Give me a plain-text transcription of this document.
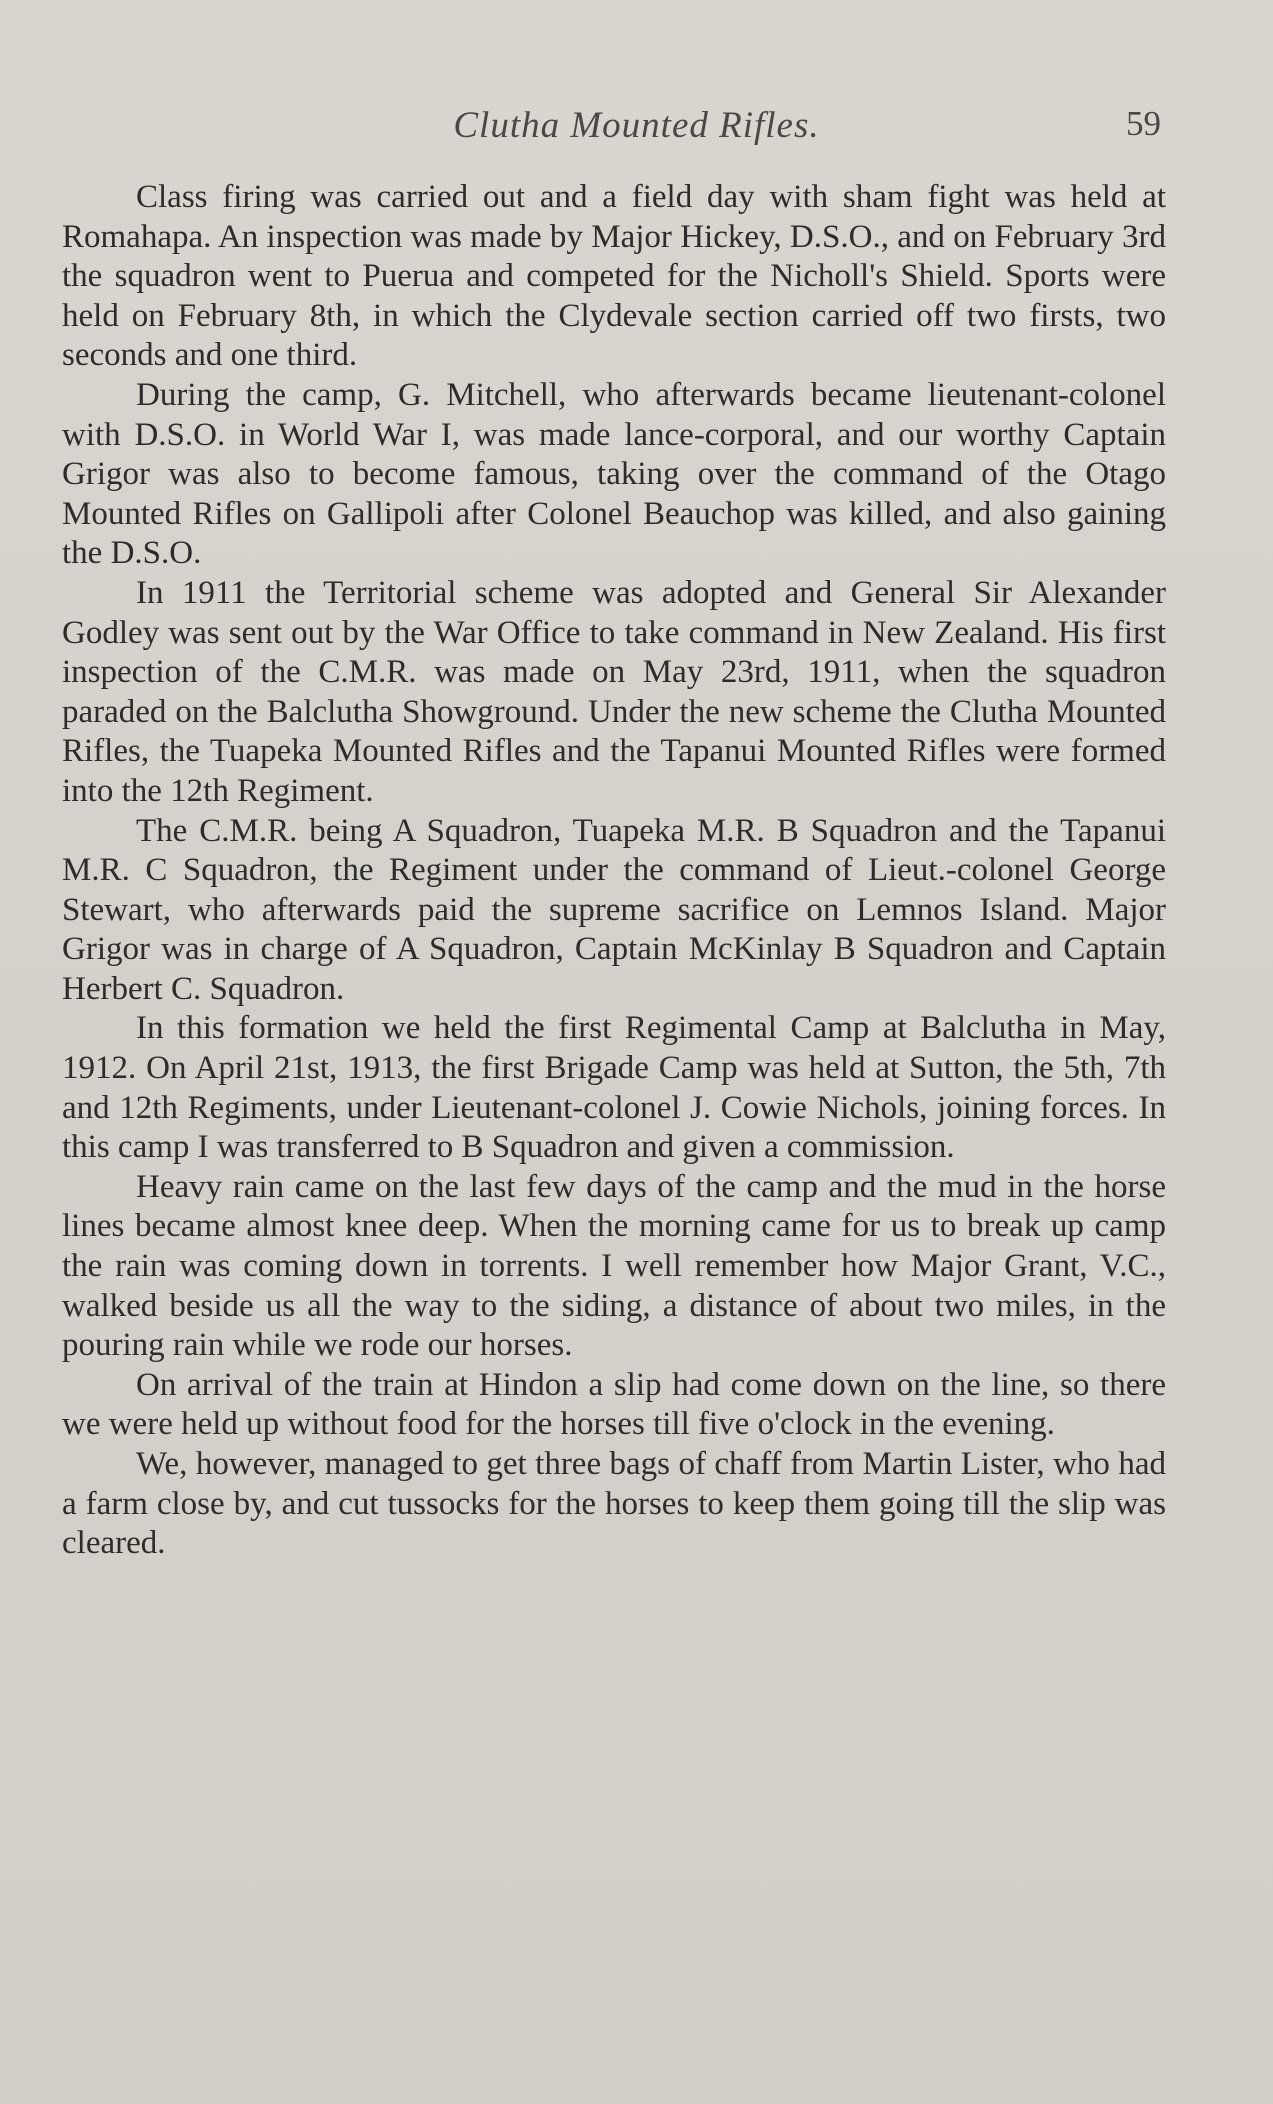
Clutha Mounted Rifles.	59

Class firing was carried out and a field day with sham fight was held at Romahapa. An inspection was made by Major Hickey, D.S.O., and on February 3rd the squadron went to Puerua and competed for the Nicholl's Shield. Sports were held on February 8th, in which the Clydevale section carried off two firsts, two seconds and one third.

During the camp, G. Mitchell, who afterwards became lieutenant-colonel with D.S.O. in World War I, was made lance-corporal, and our worthy Captain Grigor was also to become famous, taking over the command of the Otago Mounted Rifles on Gallipoli after Colonel Beauchop was killed, and also gaining the D.S.O.

In 1911 the Territorial scheme was adopted and General Sir Alexander Godley was sent out by the War Office to take command in New Zealand. His first inspection of the C.M.R. was made on May 23rd, 1911, when the squadron paraded on the Balclutha Showground. Under the new scheme the Clutha Mounted Rifles, the Tuapeka Mounted Rifles and the Tapanui Mounted Rifles were formed into the 12th Regiment.

The C.M.R. being A Squadron, Tuapeka M.R. B Squadron and the Tapanui M.R. C Squadron, the Regiment under the command of Lieut.-colonel George Stewart, who afterwards paid the supreme sacrifice on Lemnos Island. Major Grigor was in charge of A Squadron, Captain McKinlay B Squadron and Captain Herbert C. Squadron.

In this formation we held the first Regimental Camp at Balclutha in May, 1912. On April 21st, 1913, the first Brigade Camp was held at Sutton, the 5th, 7th and 12th Regiments, under Lieutenant-colonel J. Cowie Nichols, joining forces. In this camp I was transferred to B Squadron and given a commission.

Heavy rain came on the last few days of the camp and the mud in the horse lines became almost knee deep. When the morning came for us to break up camp the rain was coming down in torrents. I well remember how Major Grant, V.C., walked beside us all the way to the siding, a distance of about two miles, in the pouring rain while we rode our horses.

On arrival of the train at Hindon a slip had come down on the line, so there we were held up without food for the horses till five o'clock in the evening.

We, however, managed to get three bags of chaff from Martin Lister, who had a farm close by, and cut tussocks for the horses to keep them going till the slip was cleared.
